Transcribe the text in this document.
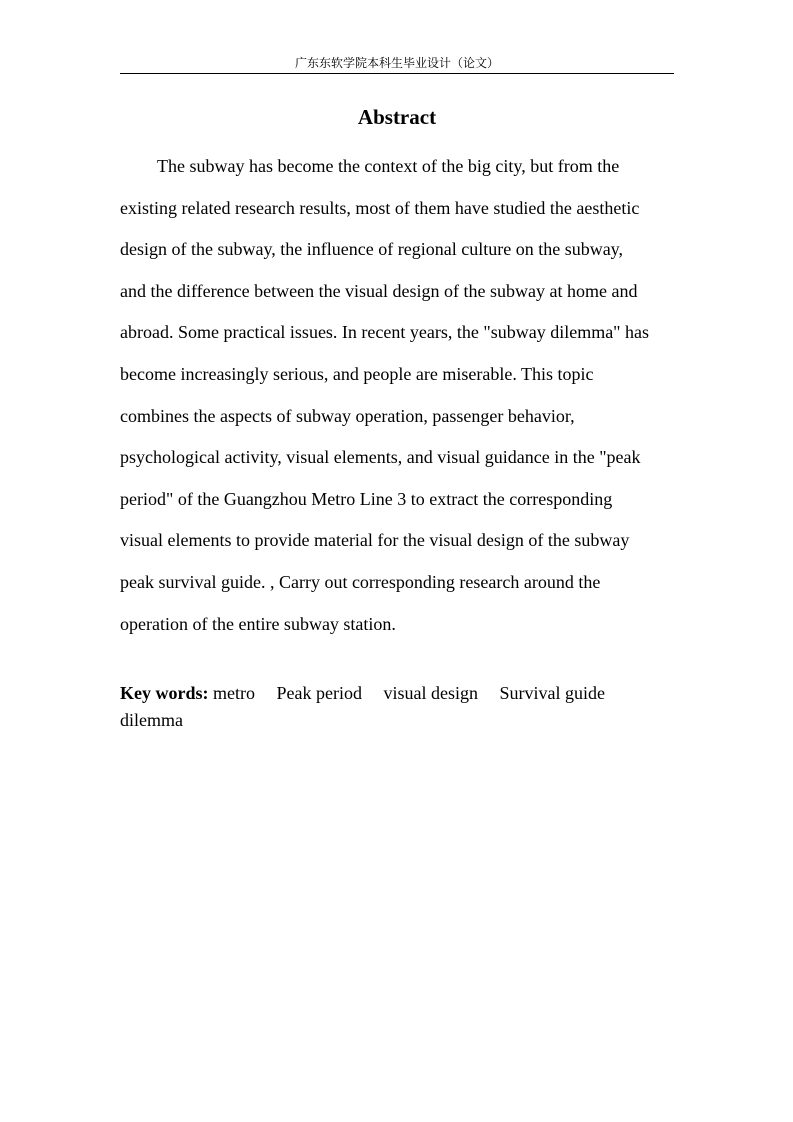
广东东软学院本科生毕业设计（论文）
Abstract
The subway has become the context of the big city, but from the
existing related research results, most of them have studied the aesthetic
design of the subway, the influence of regional culture on the subway,
and the difference between the visual design of the subway at home and
abroad. Some practical issues. In recent years, the "subway dilemma" has
become increasingly serious, and people are miserable. This topic
combines the aspects of subway operation, passenger behavior,
psychological activity, visual elements, and visual guidance in the "peak
period" of the Guangzhou Metro Line 3 to extract the corresponding
visual elements to provide material for the visual design of the subway
peak survival guide. , Carry out corresponding research around the
operation of the entire subway station.
Key words: metro Peak period visual design Survival guide
dilemma
